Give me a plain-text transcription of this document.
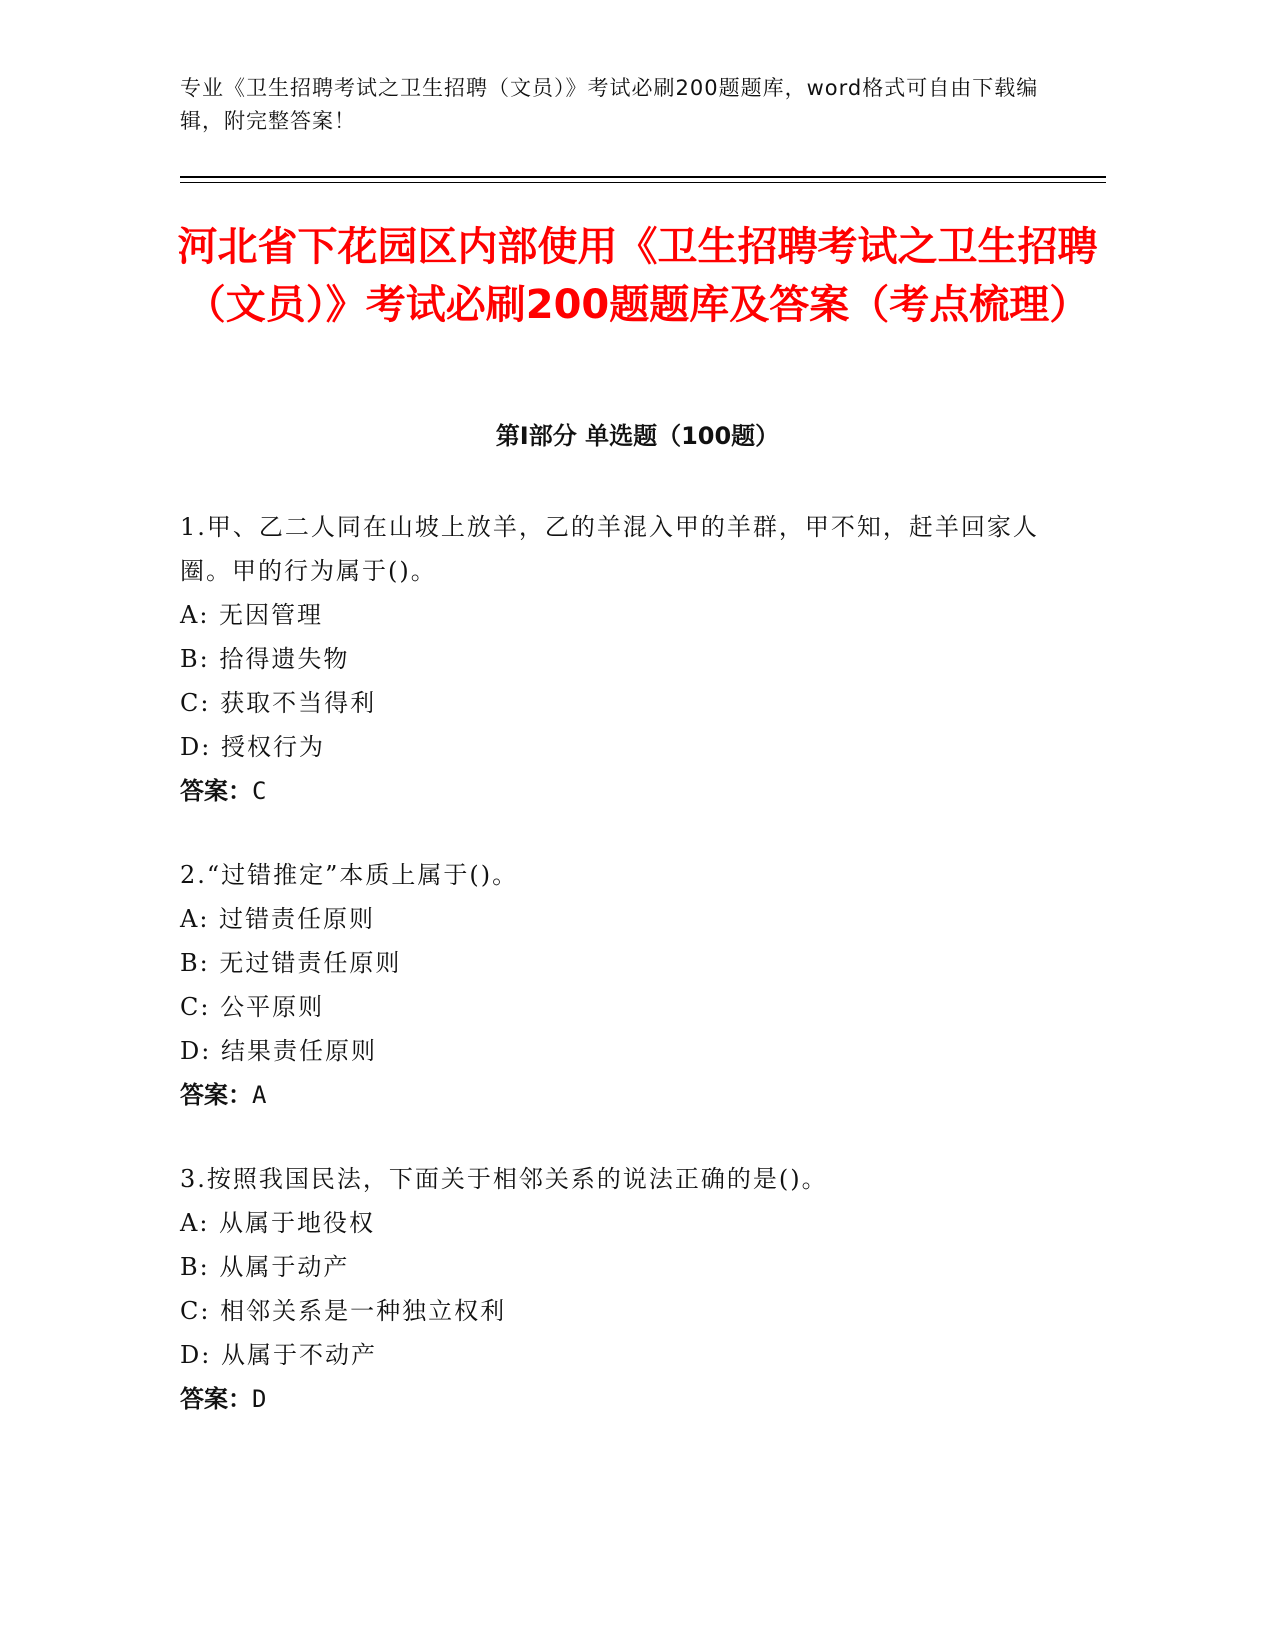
专业《卫生招聘考试之卫生招聘（文员）》考试必刷200题题库，word格式可自由下载编辑，附完整答案！
河北省下花园区内部使用《卫生招聘考试之卫生招聘（文员）》考试必刷200题题库及答案（考点梳理）
第Ⅰ部分 单选题（100题）
1.甲、乙二人同在山坡上放羊，乙的羊混入甲的羊群，甲不知，赶羊回家人圈。甲的行为属于()。
A: 无因管理
B: 拾得遗失物
C: 获取不当得利
D: 授权行为
答案：C
2.“过错推定”本质上属于()。
A: 过错责任原则
B: 无过错责任原则
C: 公平原则
D: 结果责任原则
答案：A
3.按照我国民法，下面关于相邻关系的说法正确的是()。
A: 从属于地役权
B: 从属于动产
C: 相邻关系是一种独立权利
D: 从属于不动产
答案：D
